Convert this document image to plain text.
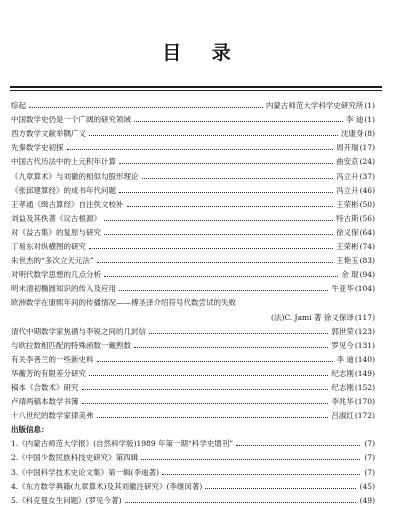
目 录
综起	内蒙古师范大学科学史研究所 (1)
中国数学史仍是一个广阔的研究领域	李 迪 (1)
西方数学文献举隅广义	沈康身 (8)
先秦数学史初探	周开瑞 (17)
中国古代历法中的上元积年计算	曲安京 (24)
《九章算术》与刘徽的相似勾股形理论	冯立升 (37)
《张邱建算经》的成书年代问题	冯立升 (46)
王孝通《缉古算经》自注佚文校补	王荣彬 (50)
刘益及其佚著《议古根源》	特古斯 (56)
对《益古集》的复原与研究	徐义保 (64)
丁易东对纵横图的研究	王荣彬 (74)
朱世杰的“多次立天元法”	王艳玉 (83)
对明代数学思想的几点分析	余 琨 (94)
明末清初椭圆知识的传入及应用	牛亚华 (104)
欧洲数学在康熙年间的传播情况——傅圣泽介绍符号代数尝试的失败
(法)C. Jami 著 徐义保译 (117)
清代中期数学家焦循与李锐之间的几封信	郭世荣 (123)
与欧拉数相匹配的特殊函数一戴煦数	罗见今 (131)
有关李善兰的一些新史料	李 迪 (140)
华蘅芳的有限差分研究	纪志刚 (149)
稿本《合数术》研究	纪志刚 (152)
卢靖两稿本数学书簿	李兆华 (170)
十八世纪的数学家律美弗	吕淑红 (172)
出版信息：
1.《内蒙古师范大学报》(自然科学版)1989 年第一期“科学史增刊”	(7)
2.《中国少数民族科技史研究》第四辑	(7)
3.《中国科学技术史论文集》第一辑(李迪著)	(7)
4.《东方数学典籍(九章算术)及其刘徽注研究》(李继闵著)	(45)
5.《科克曼女生问题》(罗见今著)	(49)
